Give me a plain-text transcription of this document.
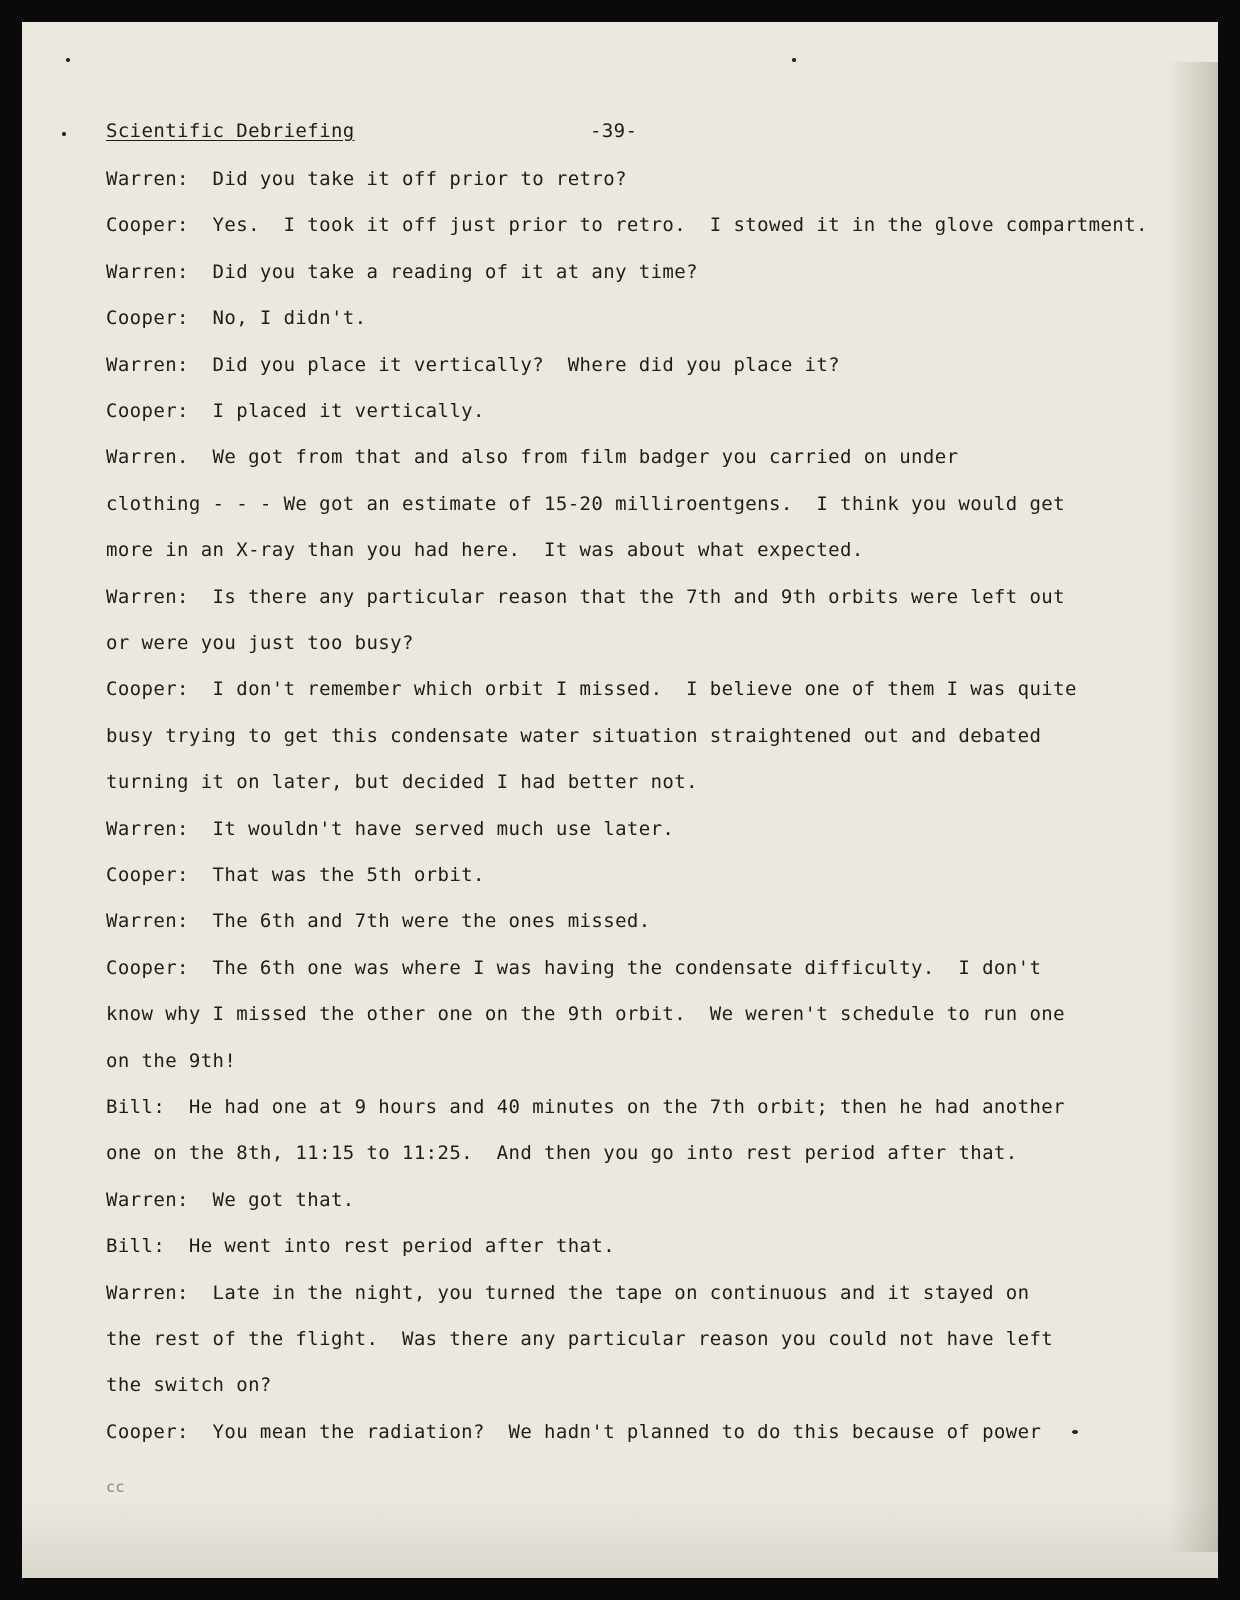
Scientific Debriefing	-39-
Warren:  Did you take it off prior to retro?
Cooper:  Yes.  I took it off just prior to retro.  I stowed it in the glove compartment.
Warren:  Did you take a reading of it at any time?
Cooper:  No, I didn't.
Warren:  Did you place it vertically?  Where did you place it?
Cooper:  I placed it vertically.
Warren.  We got from that and also from film badger you carried on under
clothing - - - We got an estimate of 15-20 milliroentgens.  I think you would get
more in an X-ray than you had here.  It was about what expected.
Warren:  Is there any particular reason that the 7th and 9th orbits were left out
or were you just too busy?
Cooper:  I don't remember which orbit I missed.  I believe one of them I was quite
busy trying to get this condensate water situation straightened out and debated
turning it on later, but decided I had better not.
Warren:  It wouldn't have served much use later.
Cooper:  That was the 5th orbit.
Warren:  The 6th and 7th were the ones missed.
Cooper:  The 6th one was where I was having the condensate difficulty.  I don't
know why I missed the other one on the 9th orbit.  We weren't schedule to run one
on the 9th!
Bill:  He had one at 9 hours and 40 minutes on the 7th orbit; then he had another
one on the 8th, 11:15 to 11:25.  And then you go into rest period after that.
Warren:  We got that.
Bill:  He went into rest period after that.
Warren:  Late in the night, you turned the tape on continuous and it stayed on
the rest of the flight.  Was there any particular reason you could not have left
the switch on?
Cooper:  You mean the radiation?  We hadn't planned to do this because of power
cc
